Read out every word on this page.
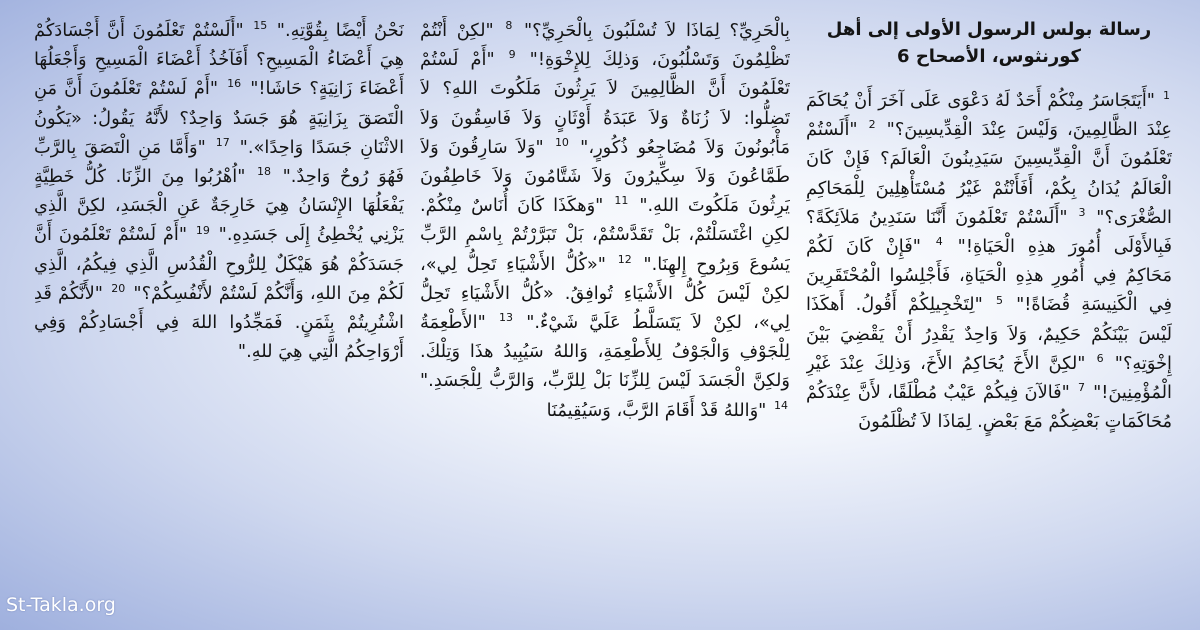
رسالة بولس الرسول الأولى إلى أهل كورنثوس، الأصحاح 6
$^1$ "أَيَتَجَاسَرُ مِنْكُمْ أَحَدٌ لَهُ دَعْوَى عَلَى آخَرَ أَنْ يُحَاكَمَ عِنْدَ الظَّالِمِينَ، وَلَيْسَ عِنْدَ الْقِدِّيسِينَ؟" $^2$ "أَلَسْتُمْ تَعْلَمُونَ أَنَّ الْقِدِّيسِينَ سَيَدِينُونَ الْعَالَمَ؟ فَإِنْ كَانَ الْعَالَمُ يُدَانُ بِكُمْ، أَفَأَنْتُمْ غَيْرُ مُسْتَأْهِلِينَ لِلْمَحَاكِمِ الصُّغْرَى؟" $^3$ "أَلَسْتُمْ تَعْلَمُونَ أَنَّنَا سَنَدِينُ مَلاَئِكَةً؟ فَبِالأَوْلَى أُمُورَ هذِهِ الْحَيَاةِ!" $^4$ "فَإِنْ كَانَ لَكُمْ مَحَاكِمُ فِي أُمُورِ هذِهِ الْحَيَاةِ، فَأَجْلِسُوا الْمُحْتَقَرِينَ فِي الْكَنِيسَةِ قُضَاةً!" $^5$ "لِتَخْجِيلِكُمْ أَقُولُ. أَهكَذَا لَيْسَ بَيْنَكُمْ حَكِيمٌ، وَلاَ وَاحِدٌ يَقْدِرُ أَنْ يَقْضِيَ بَيْنَ إِخْوَتِهِ؟" $^6$ "لكِنَّ الأَخَ يُحَاكِمُ الأَخَ، وَذلِكَ عِنْدَ غَيْرِ الْمُؤْمِنِينَ!" $^7$ "فَالآنَ فِيكُمْ عَيْبٌ مُطْلَقًا، لأَنَّ عِنْدَكُمْ مُحَاكَمَاتٍ بَعْضِكُمْ مَعَ بَعْضٍ. لِمَاذَا لاَ تُظْلَمُونَ
بِالْحَرِيِّ؟ لِمَاذَا لاَ تُسْلَبُونَ بِالْحَرِيِّ؟" $^8$ "لكِنْ أَنْتُمْ تَظْلِمُونَ وَتَسْلُبُونَ، وَذلِكَ لِلإِخْوَةِ!" $^9$ "أَمْ لَسْتُمْ تَعْلَمُونَ أَنَّ الظَّالِمِينَ لاَ يَرِثُونَ مَلَكُوتَ اللهِ؟ لاَ تَضِلُّوا: لاَ زُنَاةٌ وَلاَ عَبَدَةُ أَوْثَانٍ وَلاَ فَاسِقُونَ وَلاَ مَأْبُونُونَ وَلاَ مُضَاجِعُو ذُكُورٍ،" $^{10}$ "وَلاَ سَارِقُونَ وَلاَ طَمَّاعُونَ وَلاَ سِكِّيرُونَ وَلاَ شَتَّامُونَ وَلاَ خَاطِفُونَ يَرِثُونَ مَلَكُوتَ اللهِ." $^{11}$ "وَهكَذَا كَانَ أُنَاسٌ مِنْكُمْ. لكِنِ اغْتَسَلْتُمْ، بَلْ تَقَدَّسْتُمْ، بَلْ تَبَرَّرْتُمْ بِاسْمِ الرَّبِّ يَسُوعَ وَبِرُوحِ إِلهِنَا." $^{12}$ "«كُلُّ الأَشْيَاءِ تَحِلُّ لِي»، لكِنْ لَيْسَ كُلُّ الأَشْيَاءِ تُوافِقُ. «كُلُّ الأَشْيَاءِ تَحِلُّ لِي»، لكِنْ لاَ يَتَسَلَّطُ عَلَيَّ شَيْءٌ." $^{13}$ "الأَطْعِمَةُ لِلْجَوْفِ وَالْجَوْفُ لِلأَطْعِمَةِ، وَاللهُ سَيُبِيدُ هذَا وَتِلْكَ. وَلكِنَّ الْجَسَدَ لَيْسَ لِلزِّنَا بَلْ لِلرَّبِّ، وَالرَّبُّ لِلْجَسَدِ." $^{14}$ "وَاللهُ قَدْ أَقَامَ الرَّبَّ، وَسَيُقِيمُنَا
نَحْنُ أَيْضًا بِقُوَّتِهِ." $^{15}$ "أَلَسْتُمْ تَعْلَمُونَ أَنَّ أَجْسَادَكُمْ هِيَ أَعْضَاءُ الْمَسِيحِ؟ أَفَآخُذُ أَعْضَاءَ الْمَسِيحِ وَأَجْعَلُهَا أَعْضَاءَ زَانِيَةٍ؟ حَاشَا!" $^{16}$ "أَمْ لَسْتُمْ تَعْلَمُونَ أَنَّ مَنِ الْتَصَقَ بِزَانِيَةٍ هُوَ جَسَدٌ وَاحِدٌ؟ لأَنَّهُ يَقُولُ: «يَكُونُ الاثْنَانِ جَسَدًا وَاحِدًا»." $^{17}$ "وَأَمَّا مَنِ الْتَصَقَ بِالرَّبِّ فَهُوَ رُوحٌ وَاحِدٌ." $^{18}$ "اُهْرُبُوا مِنَ الزِّنَا. كُلُّ خَطِيَّةٍ يَفْعَلُهَا الإِنْسَانُ هِيَ خَارِجَةٌ عَنِ الْجَسَدِ، لكِنَّ الَّذِي يَزْنِي يُخْطِئُ إِلَى جَسَدِهِ." $^{19}$ "أَمْ لَسْتُمْ تَعْلَمُونَ أَنَّ جَسَدَكُمْ هُوَ هَيْكَلٌ لِلرُّوحِ الْقُدُسِ الَّذِي فِيكُمُ، الَّذِي لَكُمْ مِنَ اللهِ، وَأَنَّكُمْ لَسْتُمْ لأَنْفُسِكُمْ؟" $^{20}$ "لأَنَّكُمْ قَدِ اشْتُرِيتُمْ بِثَمَنٍ. فَمَجِّدُوا اللهَ فِي أَجْسَادِكُمْ وَفِي أَرْوَاحِكُمُ الَّتِي هِيَ للهِ."
St-Takla.org
